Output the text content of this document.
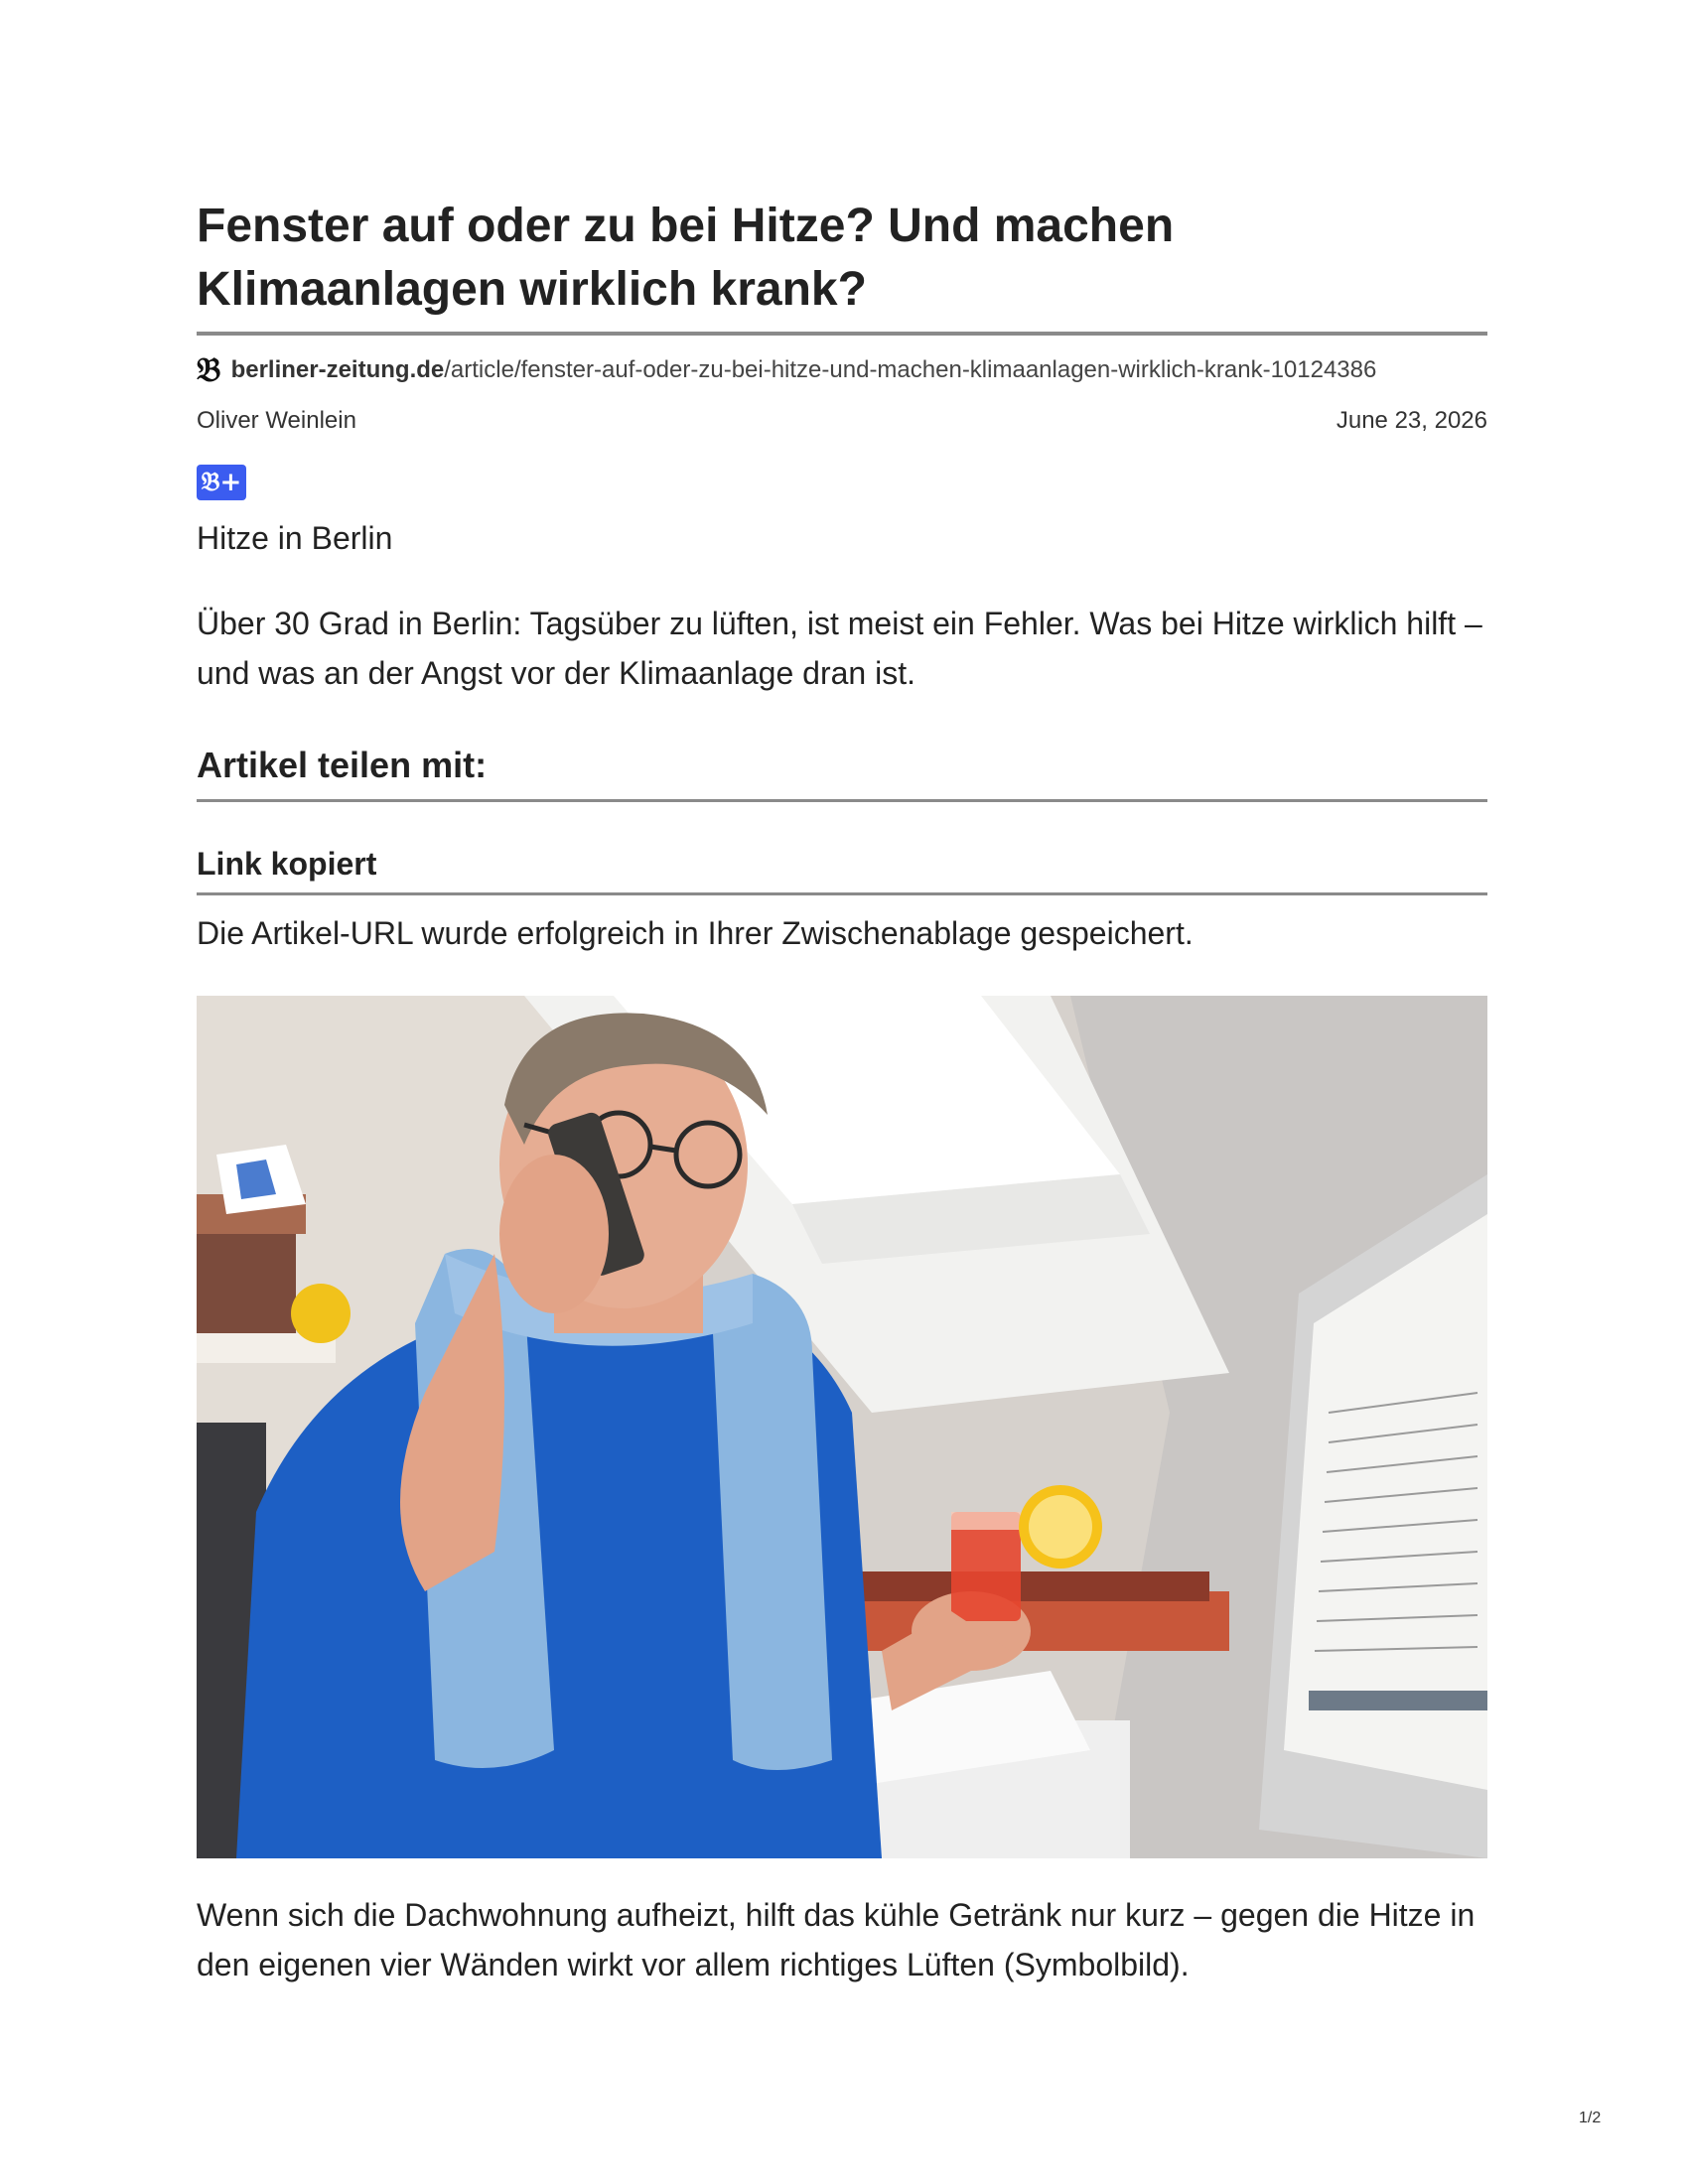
Fenster auf oder zu bei Hitze? Und machen Klimaanlagen wirklich krank?
𝔅 berliner-zeitung.de /article/fenster-auf-oder-zu-bei-hitze-und-machen-klimaanlagen-wirklich-krank-10124386
Oliver Weinlein	June 23, 2026
𝔅+
Hitze in Berlin

Über 30 Grad in Berlin: Tagsüber zu lüften, ist meist ein Fehler. Was bei Hitze wirklich hilft – und was an der Angst vor der Klimaanlage dran ist.

Artikel teilen mit:
Link kopiert

Die Artikel-URL wurde erfolgreich in Ihrer Zwischenablage gespeichert.

Wenn sich die Dachwohnung aufheizt, hilft das kühle Getränk nur kurz – gegen die Hitze in den eigenen vier Wänden wirkt vor allem richtiges Lüften (Symbolbild).

1/2
